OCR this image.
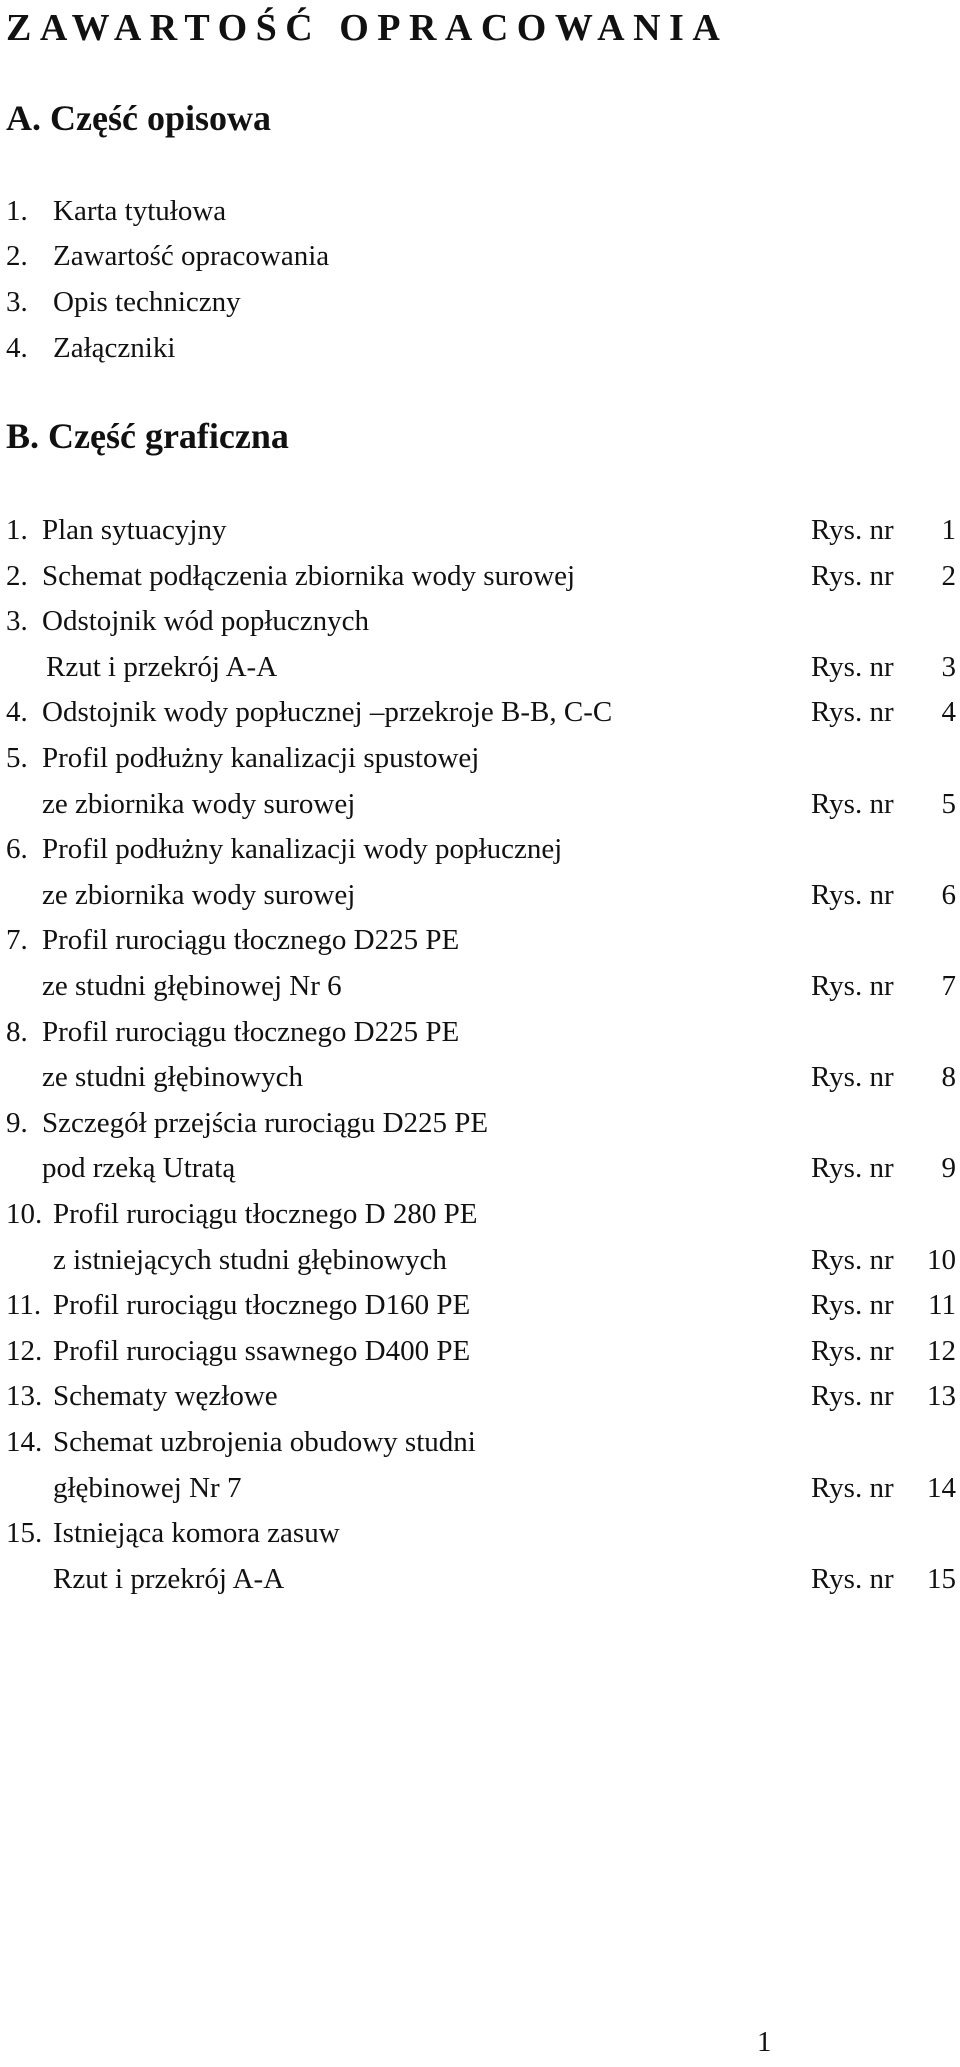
ZAWARTOŚĆ OPRACOWANIA
A. Część opisowa
1. Karta tytułowa
2. Zawartość opracowania
3. Opis techniczny
4. Załączniki
B. Część graficzna
1. Plan sytuacyjny	Rys. nr 1
2. Schemat podłączenia zbiornika wody surowej	Rys. nr 2
3. Odstojnik wód popłucznych
Rzut i przekrój A-A	Rys. nr 3
4. Odstojnik wody popłucznej –przekroje B-B, C-C	Rys. nr 4
5. Profil podłużny kanalizacji spustowej
ze zbiornika wody surowej	Rys. nr 5
6. Profil podłużny kanalizacji wody popłucznej
ze zbiornika wody surowej	Rys. nr 6
7. Profil rurociągu tłocznego D225 PE
ze studni głębinowej Nr 6	Rys. nr 7
8. Profil rurociągu tłocznego D225 PE
ze studni głębinowych	Rys. nr 8
9. Szczegół przejścia rurociągu D225 PE
pod rzeką Utratą	Rys. nr 9
10. Profil rurociągu tłocznego D 280 PE
z istniejących studni głębinowych	Rys. nr 10
11. Profil rurociągu tłocznego D160 PE	Rys. nr 11
12. Profil rurociągu ssawnego D400 PE	Rys. nr 12
13. Schematy węzłowe	Rys. nr 13
14. Schemat uzbrojenia obudowy studni
głębinowej Nr 7	Rys. nr 14
15. Istniejąca komora zasuw
Rzut i przekrój A-A	Rys. nr 15
1
